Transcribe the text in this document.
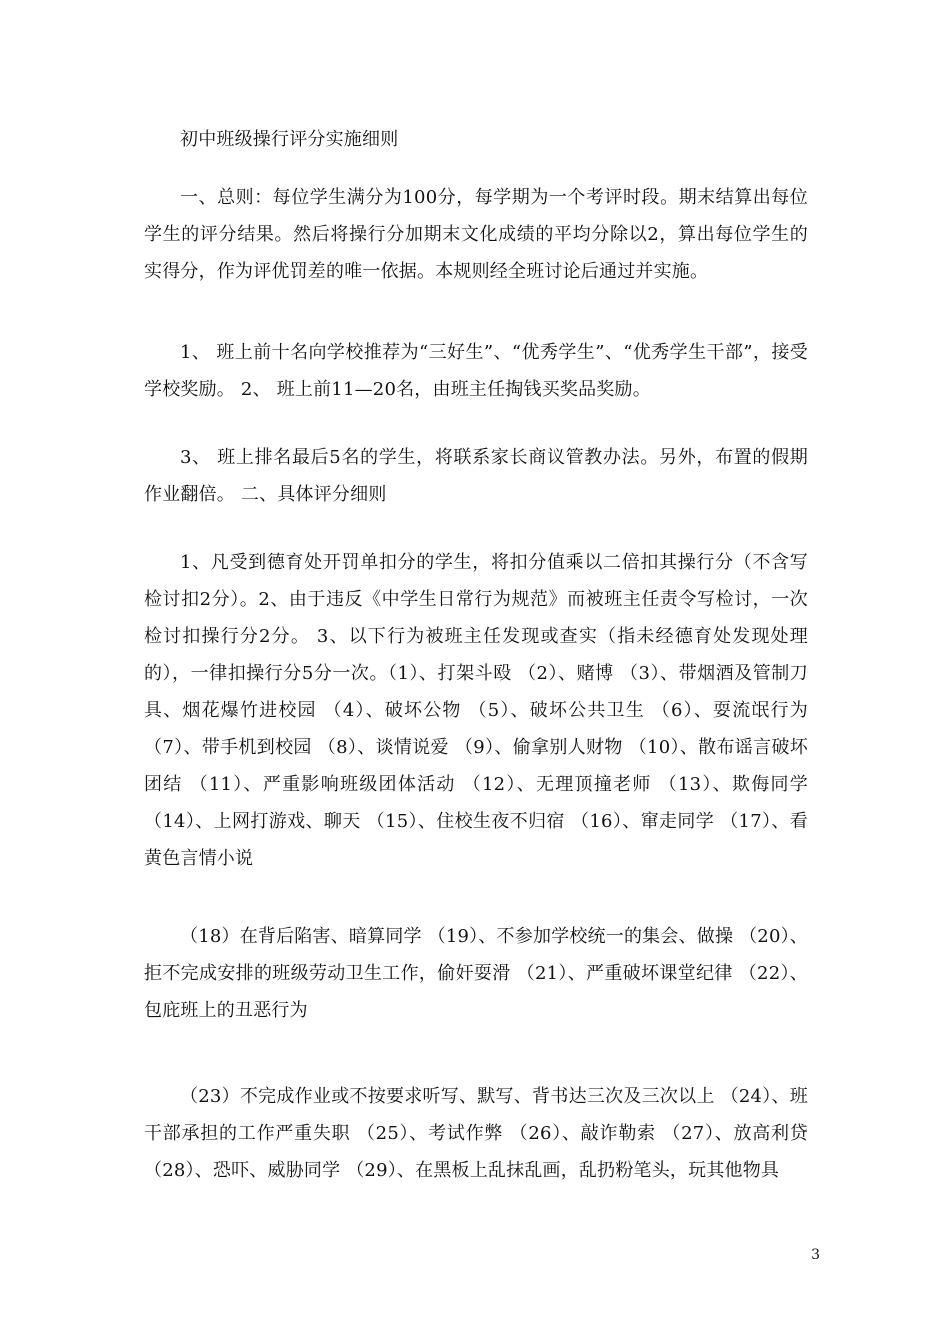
初中班级操行评分实施细则

一、总则：每位学生满分为100分，每学期为一个考评时段。期末结算出每位学生的评分结果。然后将操行分加期末文化成绩的平均分除以2，算出每位学生的实得分，作为评优罚差的唯一依据。本规则经全班讨论后通过并实施。

1、 班上前十名向学校推荐为“三好生”、“优秀学生”、“优秀学生干部”，接受学校奖励。 2、 班上前11—20名，由班主任掏钱买奖品奖励。

3、 班上排名最后5名的学生，将联系家长商议管教办法。另外，布置的假期作业翻倍。 二、具体评分细则

1、凡受到德育处开罚单扣分的学生，将扣分值乘以二倍扣其操行分（不含写检讨扣2分）。2、由于违反《中学生日常行为规范》而被班主任责令写检讨，一次检讨扣操行分2分。 3、以下行为被班主任发现或查实（指未经德育处发现处理的），一律扣操行分5分一次。（1）、打架斗殴 （2）、赌博 （3）、带烟酒及管制刀具、烟花爆竹进校园 （4）、破坏公物 （5）、破坏公共卫生 （6）、耍流氓行为 （7）、带手机到校园 （8）、谈情说爱 （9）、偷拿别人财物 （10）、散布谣言破坏团结 （11）、严重影响班级团体活动 （12）、无理顶撞老师 （13）、欺侮同学 （14）、上网打游戏、聊天 （15）、住校生夜不归宿 （16）、窜走同学 （17）、看黄色言情小说

（18）在背后陷害、暗算同学 （19）、不参加学校统一的集会、做操 （20）、拒不完成安排的班级劳动卫生工作，偷奸耍滑 （21）、严重破坏课堂纪律 （22）、包庇班上的丑恶行为

（23）不完成作业或不按要求听写、默写、背书达三次及三次以上 （24）、班干部承担的工作严重失职 （25）、考试作弊 （26）、敲诈勒索 （27）、放高利贷 （28）、恐吓、威胁同学 （29）、在黑板上乱抹乱画，乱扔粉笔头，玩其他物具

3
